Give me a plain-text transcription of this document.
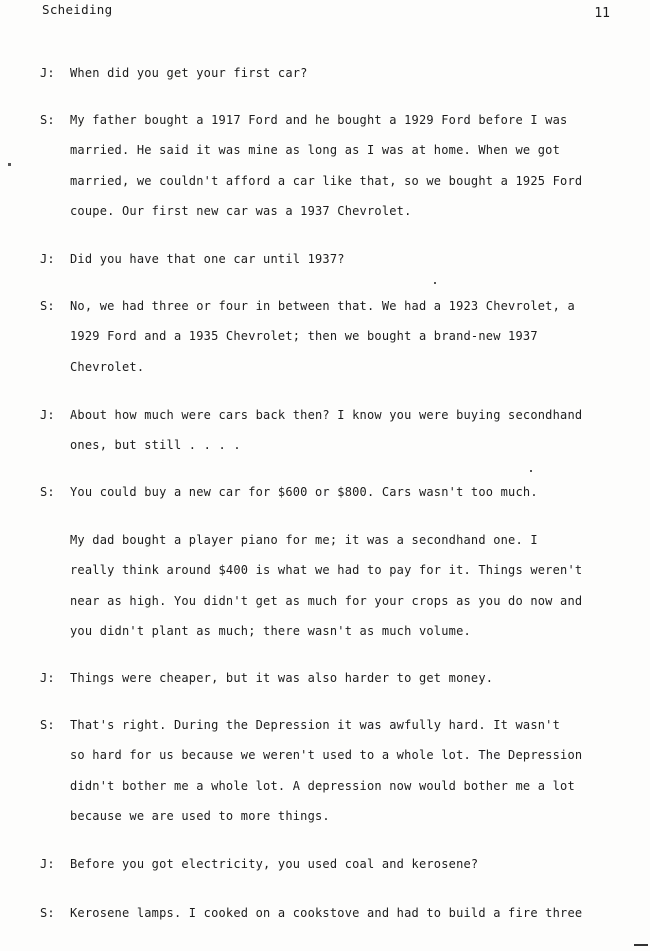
Scheiding	11
J:	When did you get your first car?
S:	My father bought a 1917 Ford and he bought a 1929 Ford before I was
married. He said it was mine as long as I was at home. When we got
married, we couldn't afford a car like that, so we bought a 1925 Ford
coupe. Our first new car was a 1937 Chevrolet.
J:	Did you have that one car until 1937?
S:	No, we had three or four in between that. We had a 1923 Chevrolet, a
1929 Ford and a 1935 Chevrolet; then we bought a brand-new 1937
Chevrolet.
J:	About how much were cars back then? I know you were buying secondhand
ones, but still . . . .
S:	You could buy a new car for $600 or $800. Cars wasn't too much.
My dad bought a player piano for me; it was a secondhand one. I
really think around $400 is what we had to pay for it. Things weren't
near as high. You didn't get as much for your crops as you do now and
you didn't plant as much; there wasn't as much volume.
J:	Things were cheaper, but it was also harder to get money.
S:	That's right. During the Depression it was awfully hard. It wasn't
so hard for us because we weren't used to a whole lot. The Depression
didn't bother me a whole lot. A depression now would bother me a lot
because we are used to more things.
J:	Before you got electricity, you used coal and kerosene?
S:	Kerosene lamps. I cooked on a cookstove and had to build a fire three
